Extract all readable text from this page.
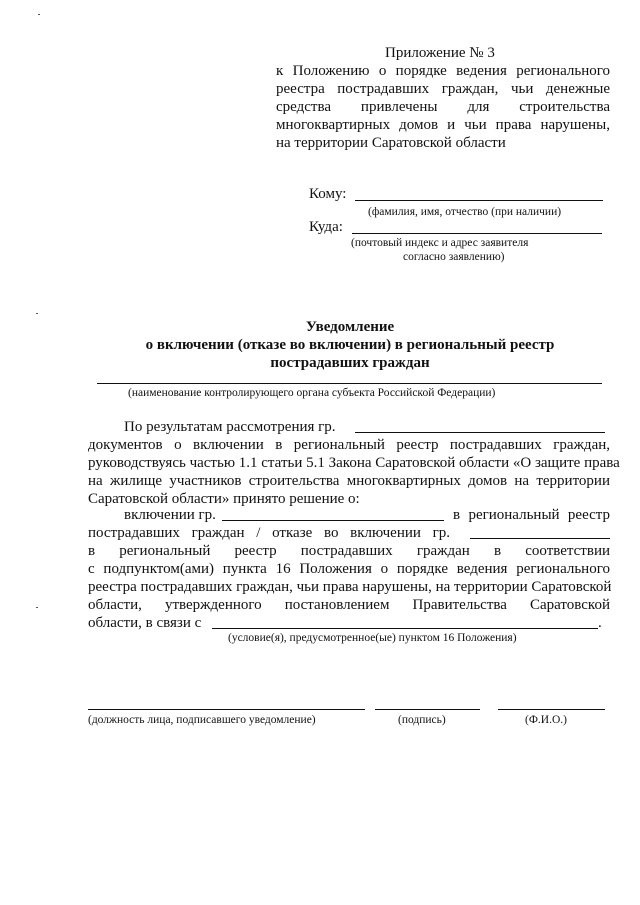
Приложение № 3
к Положению о порядке ведения регионального
реестра пострадавших граждан, чьи денежные
средства привлечены для строительства
многоквартирных домов и чьи права нарушены,
на территории Саратовской области
Кому:
(фамилия, имя, отчество (при наличии)
Куда:
(почтовый индекс и адрес заявителя
согласно заявлению)
Уведомление
о включении (отказе во включении) в региональный реестр
пострадавших граждан
(наименование контролирующего органа субъекта Российской Федерации)
По результатам рассмотрения гр.
документов о включении в региональный реестр пострадавших граждан,
руководствуясь частью 1.1 статьи 5.1 Закона Саратовской области «О защите права
на жилище участников строительства многоквартирных домов на территории
Саратовской области» принято решение о:
включении гр.	в региональный реестр
пострадавших граждан / отказе во включении гр.
в региональный реестр пострадавших граждан в соответствии
с подпунктом(ами) пункта 16 Положения о порядке ведения регионального
реестра пострадавших граждан, чьи права нарушены, на территории Саратовской
области, утвержденного постановлением Правительства Саратовской
области, в связи с	.
(условие(я), предусмотренное(ые) пунктом 16 Положения)
(должность лица, подписавшего уведомление)	(подпись)	(Ф.И.О.)
